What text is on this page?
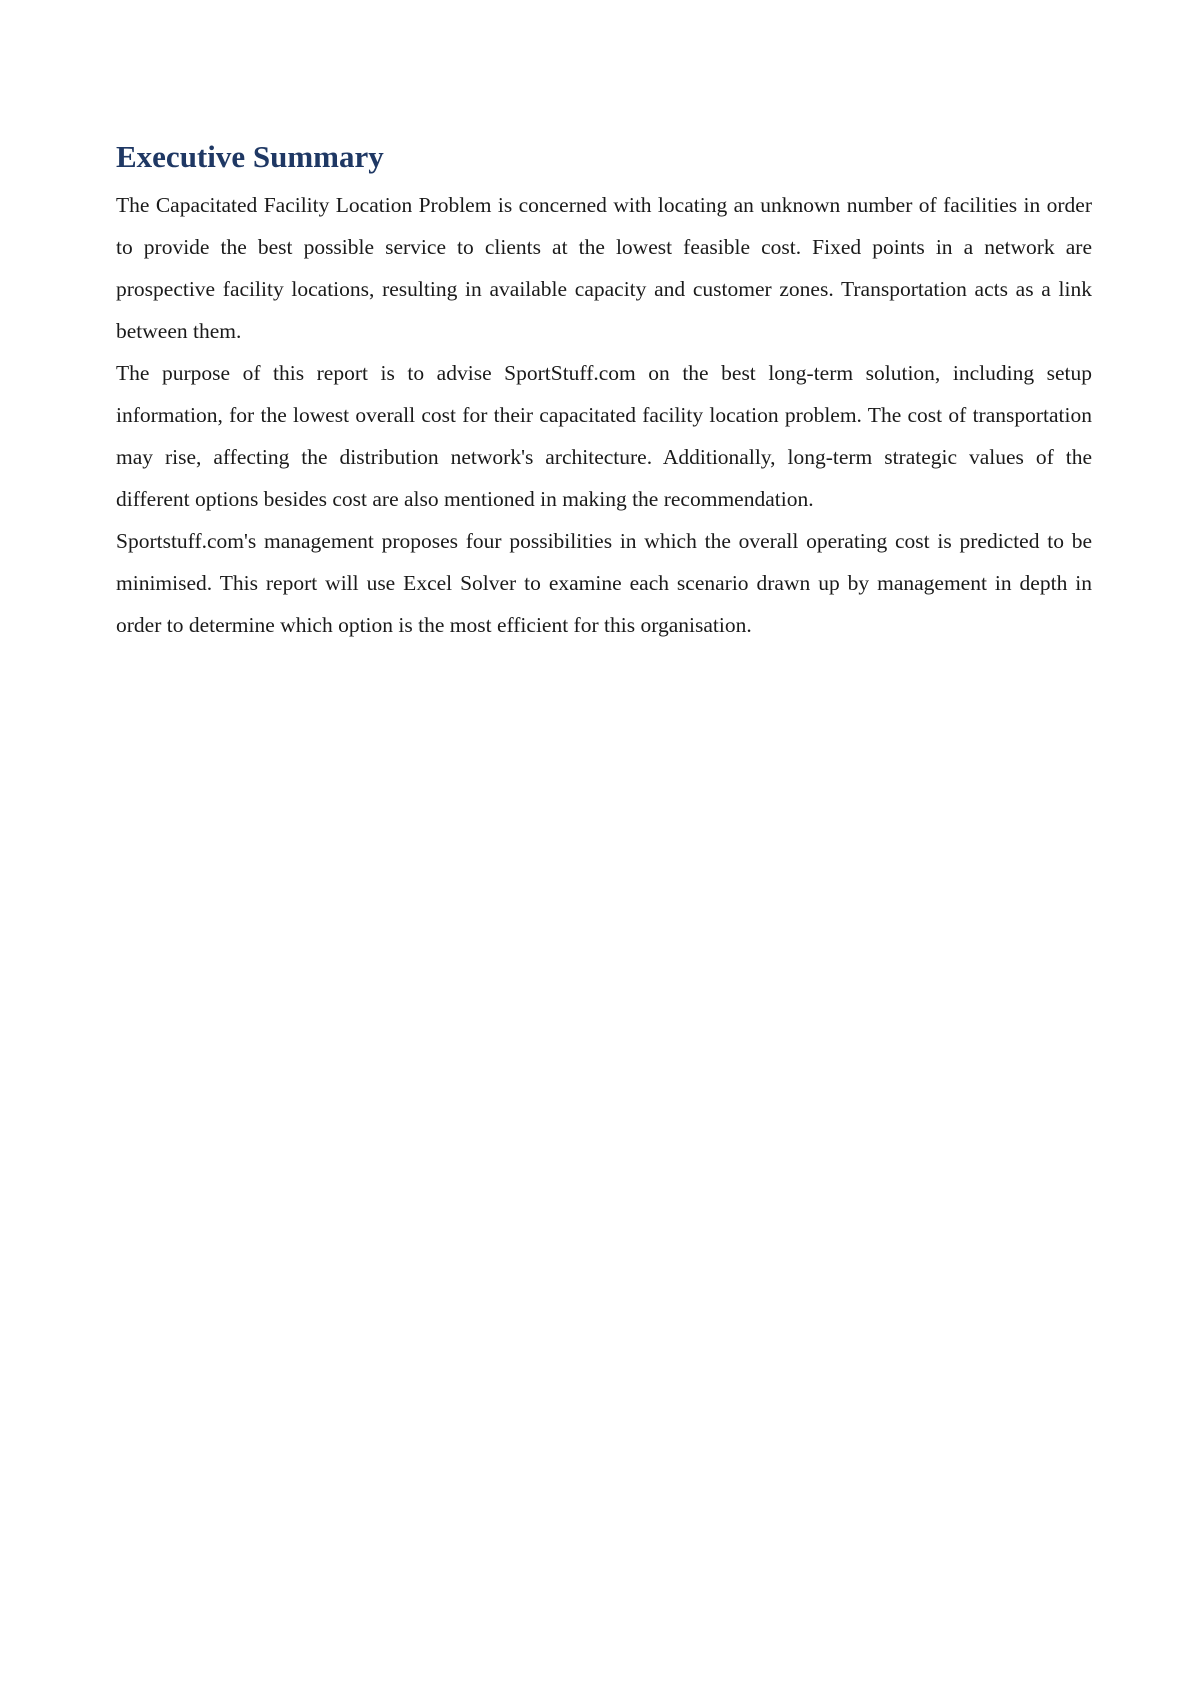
Executive Summary

The Capacitated Facility Location Problem is concerned with locating an unknown number of facilities in order to provide the best possible service to clients at the lowest feasible cost. Fixed points in a network are prospective facility locations, resulting in available capacity and customer zones. Transportation acts as a link between them.

The purpose of this report is to advise SportStuff.com on the best long-term solution, including setup information, for the lowest overall cost for their capacitated facility location problem. The cost of transportation may rise, affecting the distribution network's architecture. Additionally, long-term strategic values of the different options besides cost are also mentioned in making the recommendation.

Sportstuff.com's management proposes four possibilities in which the overall operating cost is predicted to be minimised. This report will use Excel Solver to examine each scenario drawn up by management in depth in order to determine which option is the most efficient for this organisation.
